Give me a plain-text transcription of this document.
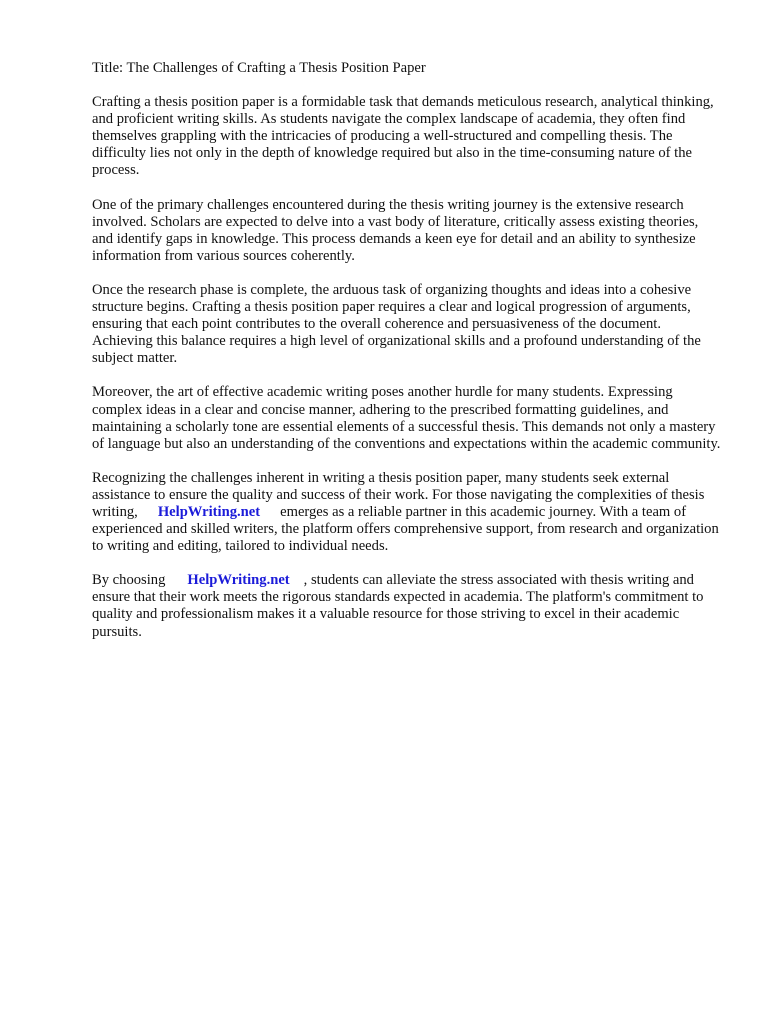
Title: The Challenges of Crafting a Thesis Position Paper

Crafting a thesis position paper is a formidable task that demands meticulous research, analytical thinking, and proficient writing skills. As students navigate the complex landscape of academia, they often find themselves grappling with the intricacies of producing a well-structured and compelling thesis. The difficulty lies not only in the depth of knowledge required but also in the time-consuming nature of the process.

One of the primary challenges encountered during the thesis writing journey is the extensive research involved. Scholars are expected to delve into a vast body of literature, critically assess existing theories, and identify gaps in knowledge. This process demands a keen eye for detail and an ability to synthesize information from various sources coherently.

Once the research phase is complete, the arduous task of organizing thoughts and ideas into a cohesive structure begins. Crafting a thesis position paper requires a clear and logical progression of arguments, ensuring that each point contributes to the overall coherence and persuasiveness of the document. Achieving this balance requires a high level of organizational skills and a profound understanding of the subject matter.

Moreover, the art of effective academic writing poses another hurdle for many students. Expressing complex ideas in a clear and concise manner, adhering to the prescribed formatting guidelines, and maintaining a scholarly tone are essential elements of a successful thesis. This demands not only a mastery of language but also an understanding of the conventions and expectations within the academic community.

Recognizing the challenges inherent in writing a thesis position paper, many students seek external assistance to ensure the quality and success of their work. For those navigating the complexities of thesis writing, HelpWriting.net emerges as a reliable partner in this academic journey. With a team of experienced and skilled writers, the platform offers comprehensive support, from research and organization to writing and editing, tailored to individual needs.

By choosing HelpWriting.net , students can alleviate the stress associated with thesis writing and ensure that their work meets the rigorous standards expected in academia. The platform's commitment to quality and professionalism makes it a valuable resource for those striving to excel in their academic pursuits.
